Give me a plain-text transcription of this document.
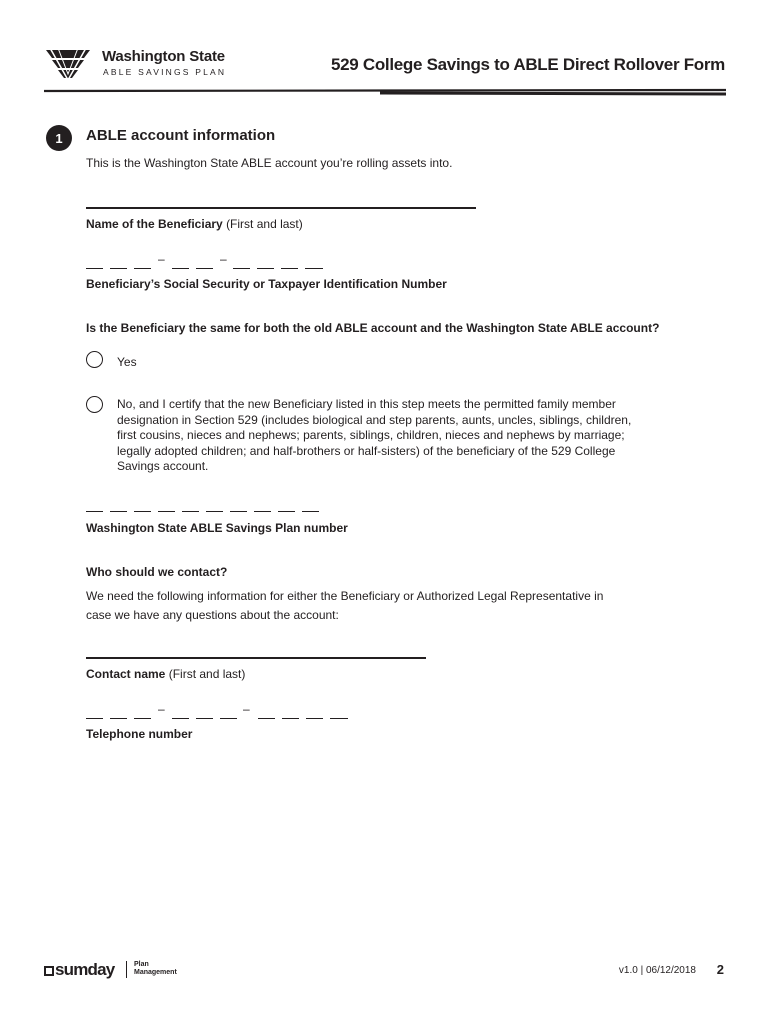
Washington State
ABLE SAVINGS PLAN	529 College Savings to ABLE Direct Rollover Form
1	ABLE account information
This is the Washington State ABLE account you’re rolling assets into.
Name of the Beneficiary (First and last)
–	–
Beneficiary’s Social Security or Taxpayer Identification Number
Is the Beneficiary the same for both the old ABLE account and the Washington State ABLE account?
Yes
No, and I certify that the new Beneficiary listed in this step meets the permitted family member
designation in Section 529 (includes biological and step parents, aunts, uncles, siblings, children,
first cousins, nieces and nephews; parents, siblings, children, nieces and nephews by marriage;
legally adopted children; and half-brothers or half-sisters) of the beneficiary of the 529 College
Savings account.
Washington State ABLE Savings Plan number
Who should we contact?
We need the following information for either the Beneficiary or Authorized Legal Representative in
case we have any questions about the account:
Contact name (First and last)
–	–
Telephone number
sumday	Plan
Management	v1.0 | 06/12/2018 2
